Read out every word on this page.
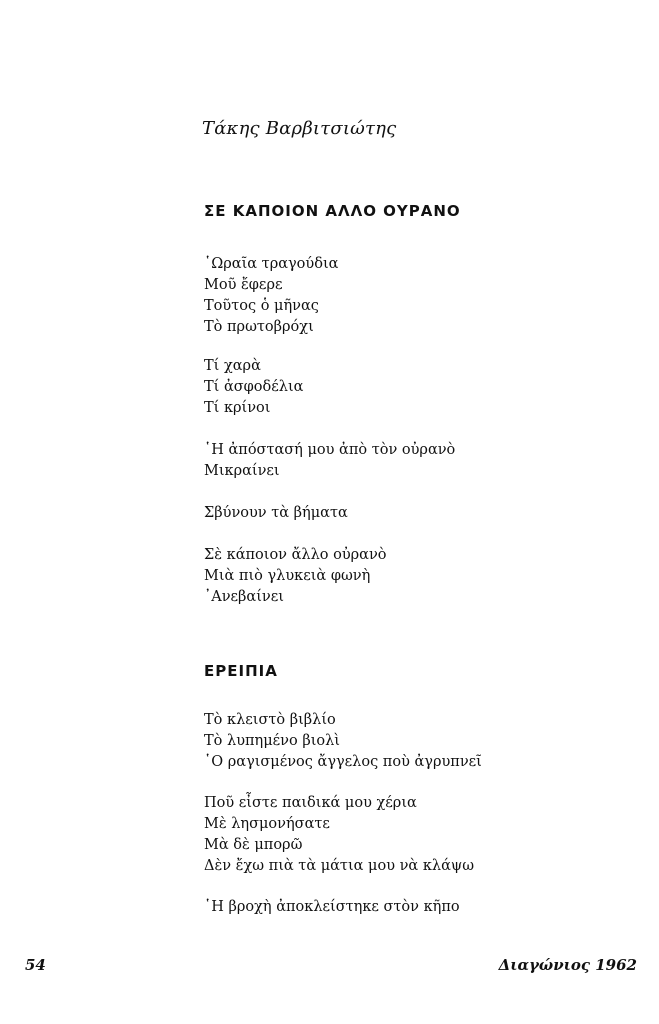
Τάκης Βαρβιτσιώτης
ΣΕ ΚΑΠΟΙΟΝ ΑΛΛΟ ΟΥΡΑΝΟ
῾Ωραῖα τραγούδια
Μοῦ ἔφερε
Τοῦτος ὁ μῆνας
Τὸ πρωτοβρόχι
Τί χαρὰ
Τί ἀσφοδέλια
Τί κρίνοι
῾Η ἀπόστασή μου ἀπὸ τὸν οὐρανὸ
Μικραίνει
Σβύνουν τὰ βήματα
Σὲ κάποιον ἄλλο οὐρανὸ
Μιὰ πιὸ γλυκειὰ φωνὴ
᾿Ανεβαίνει
ΕΡΕΙΠΙΑ
Τὸ κλειστὸ βιβλίο
Τὸ λυπημένο βιολὶ
῾Ο ραγισμένος ἄγγελος ποὺ ἀγρυπνεῖ
Ποῦ εἶστε παιδικά μου χέρια
Μὲ λησμονήσατε
Μὰ δὲ μπορῶ
Δὲν ἔχω πιὰ τὰ μάτια μου νὰ κλάψω
῾Η βροχὴ ἀποκλείστηκε στὸν κῆπο
54	Διαγώνιος 1962
